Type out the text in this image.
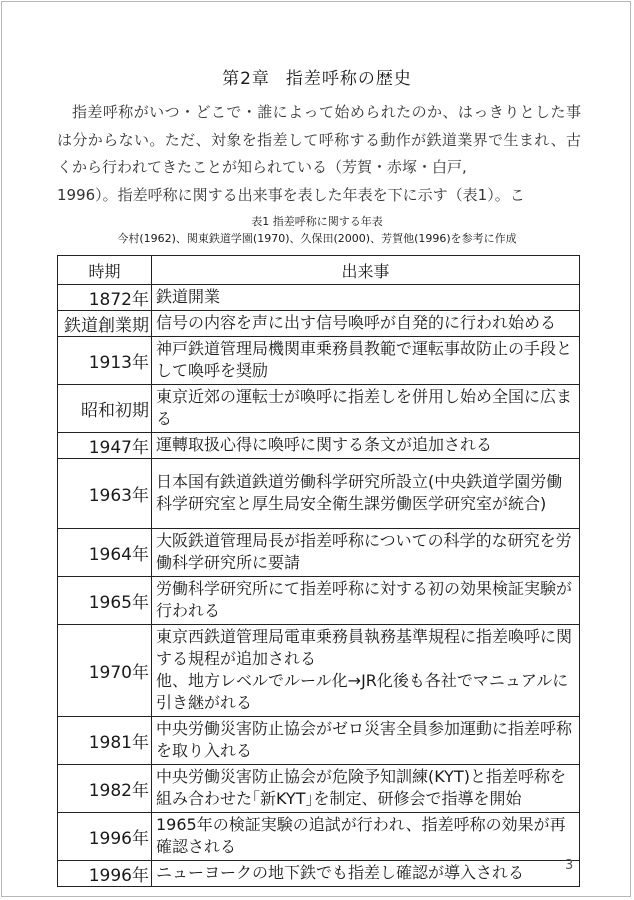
第2章 指差呼称の歴史

指差呼称がいつ・どこで・誰によって始められたのか、はっきりとした事は分からない。ただ、対象を指差して呼称する動作が鉄道業界で生まれ、古くから行われてきたことが知られている（芳賀・赤塚・白戸,
1996）。指差呼称に関する出来事を表した年表を下に示す（表1）。こ

表1 指差呼称に関する年表
今村(1962)、関東鉄道学園(1970)、久保田(2000)、芳賀他(1996)を参考に作成
時期	出来事
1872年	鉄道開業
鉄道創業期	信号の内容を声に出す信号喚呼が自発的に行われ始める
1913年	神戸鉄道管理局機関車乗務員教範で運転事故防止の手段として喚呼を奨励
昭和初期	東京近郊の運転士が喚呼に指差しを併用し始め全国に広まる
1947年	運轉取扱心得に喚呼に関する条文が追加される
1963年	日本国有鉄道鉄道労働科学研究所設立(中央鉄道学園労働科学研究室と厚生局安全衛生課労働医学研究室が統合)
1964年	大阪鉄道管理局長が指差呼称についての科学的な研究を労働科学研究所に要請
1965年	労働科学研究所にて指差呼称に対する初の効果検証実験が行われる
1970年	東京西鉄道管理局電車乗務員執務基準規程に指差喚呼に関する規程が追加される
他、地方レベルでルール化→JR化後も各社でマニュアルに引き継がれる
1981年	中央労働災害防止協会がゼロ災害全員参加運動に指差呼称を取り入れる
1982年	中央労働災害防止協会が危険予知訓練(KYT)と指差呼称を組み合わせた｢新KYT｣を制定、研修会で指導を開始
1996年	1965年の検証実験の追試が行われ、指差呼称の効果が再確認される
1996年	ニューヨークの地下鉄でも指差し確認が導入される	3
